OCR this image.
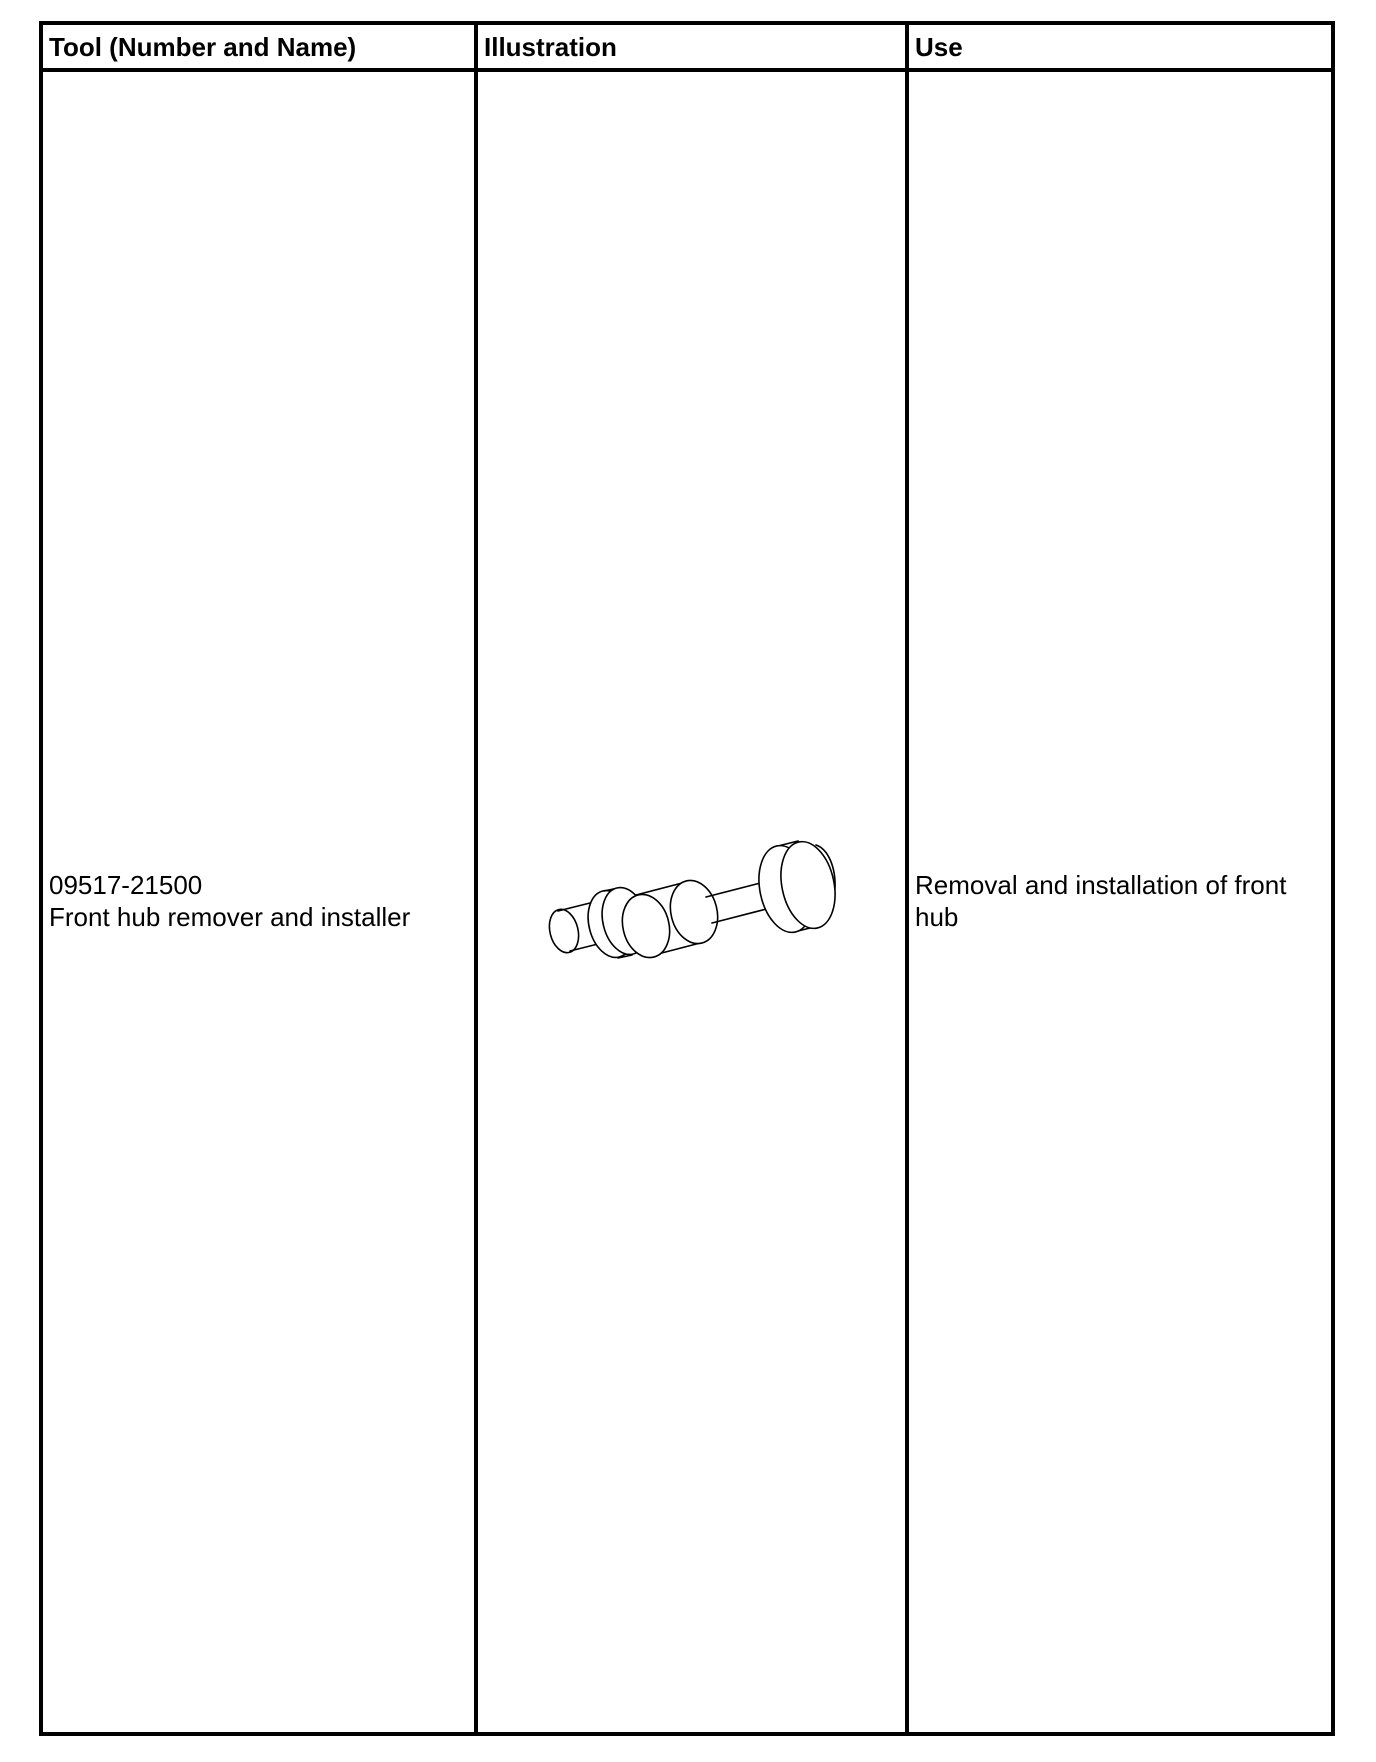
Tool (Number and Name)	Illustration	Use
09517-21500
Front hub remover and installer
Removal and installation of front hub
